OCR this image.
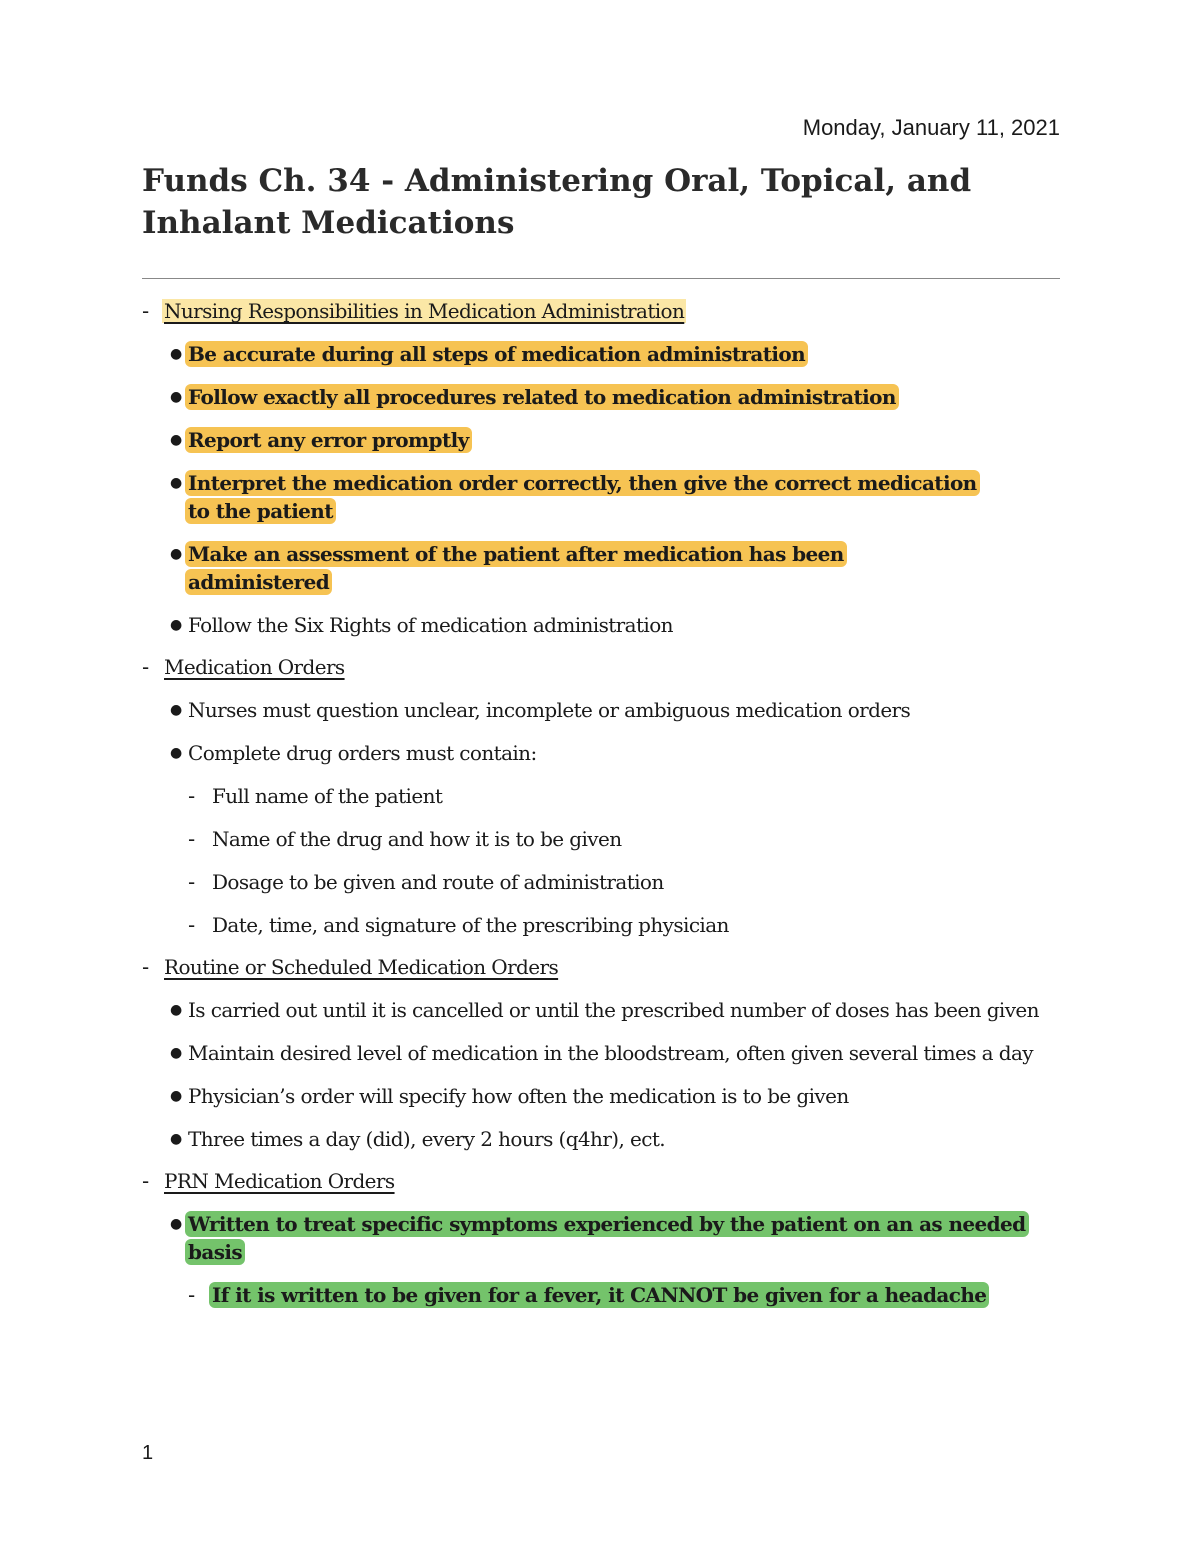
Monday, January 11, 2021
Funds Ch. 34 - Administering Oral, Topical, and Inhalant Medications
- Nursing Responsibilities in Medication Administration
● Be accurate during all steps of medication administration
● Follow exactly all procedures related to medication administration
● Report any error promptly
● Interpret the medication order correctly, then give the correct medication to the patient
● Make an assessment of the patient after medication has been administered
● Follow the Six Rights of medication administration
- Medication Orders
● Nurses must question unclear, incomplete or ambiguous medication orders
● Complete drug orders must contain:
- Full name of the patient
- Name of the drug and how it is to be given
- Dosage to be given and route of administration
- Date, time, and signature of the prescribing physician
- Routine or Scheduled Medication Orders
● Is carried out until it is cancelled or until the prescribed number of doses has been given
● Maintain desired level of medication in the bloodstream, often given several times a day
● Physician’s order will specify how often the medication is to be given
● Three times a day (did), every 2 hours (q4hr), ect.
- PRN Medication Orders
● Written to treat specific symptoms experienced by the patient on an as needed basis
- If it is written to be given for a fever, it CANNOT be given for a headache
1
